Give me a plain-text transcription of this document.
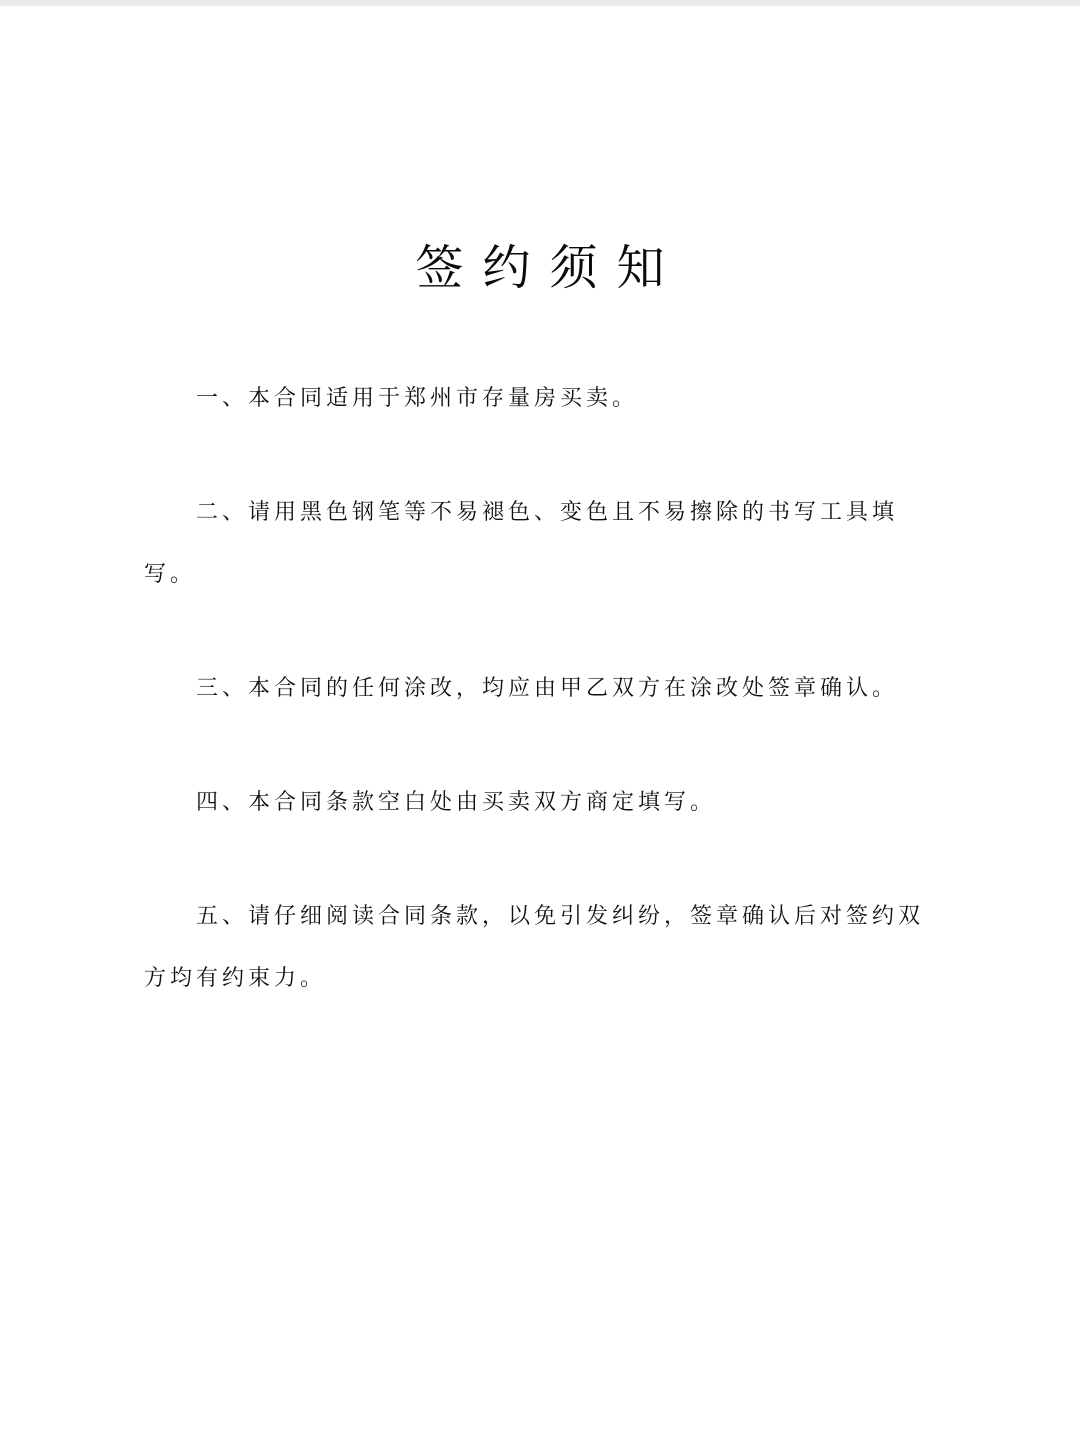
签约须知
一、本合同适用于郑州市存量房买卖。
二、请用黑色钢笔等不易褪色、变色且不易擦除的书写工具填写。
三、本合同的任何涂改，均应由甲乙双方在涂改处签章确认。
四、本合同条款空白处由买卖双方商定填写。
五、请仔细阅读合同条款，以免引发纠纷，签章确认后对签约双方均有约束力。
